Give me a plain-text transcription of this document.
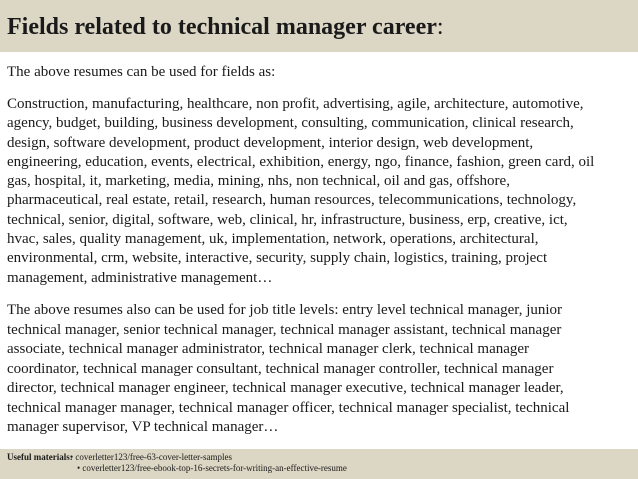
Fields related to technical manager career:

The above resumes can be used for fields as:

Construction, manufacturing, healthcare, non profit, advertising, agile, architecture, automotive,
agency, budget, building, business development, consulting, communication, clinical research,
design, software development, product development, interior design, web development,
engineering, education, events, electrical, exhibition, energy, ngo, finance, fashion, green card, oil
gas, hospital, it, marketing, media, mining, nhs, non technical, oil and gas, offshore,
pharmaceutical, real estate, retail, research, human resources, telecommunications, technology,
technical, senior, digital, software, web, clinical, hr, infrastructure, business, erp, creative, ict,
hvac, sales, quality management, uk, implementation, network, operations, architectural,
environmental, crm, website, interactive, security, supply chain, logistics, training, project
management, administrative management…

The above resumes also can be used for job title levels: entry level technical manager, junior
technical manager, senior technical manager, technical manager assistant, technical manager
associate, technical manager administrator, technical manager clerk, technical manager
coordinator, technical manager consultant, technical manager controller, technical manager
director, technical manager engineer, technical manager executive, technical manager leader,
technical manager manager, technical manager officer, technical manager specialist, technical
manager supervisor, VP technical manager…

Useful materials:
• coverletter123/free-63-cover-letter-samples
• coverletter123/free-ebook-top-16-secrets-for-writing-an-effective-resume
